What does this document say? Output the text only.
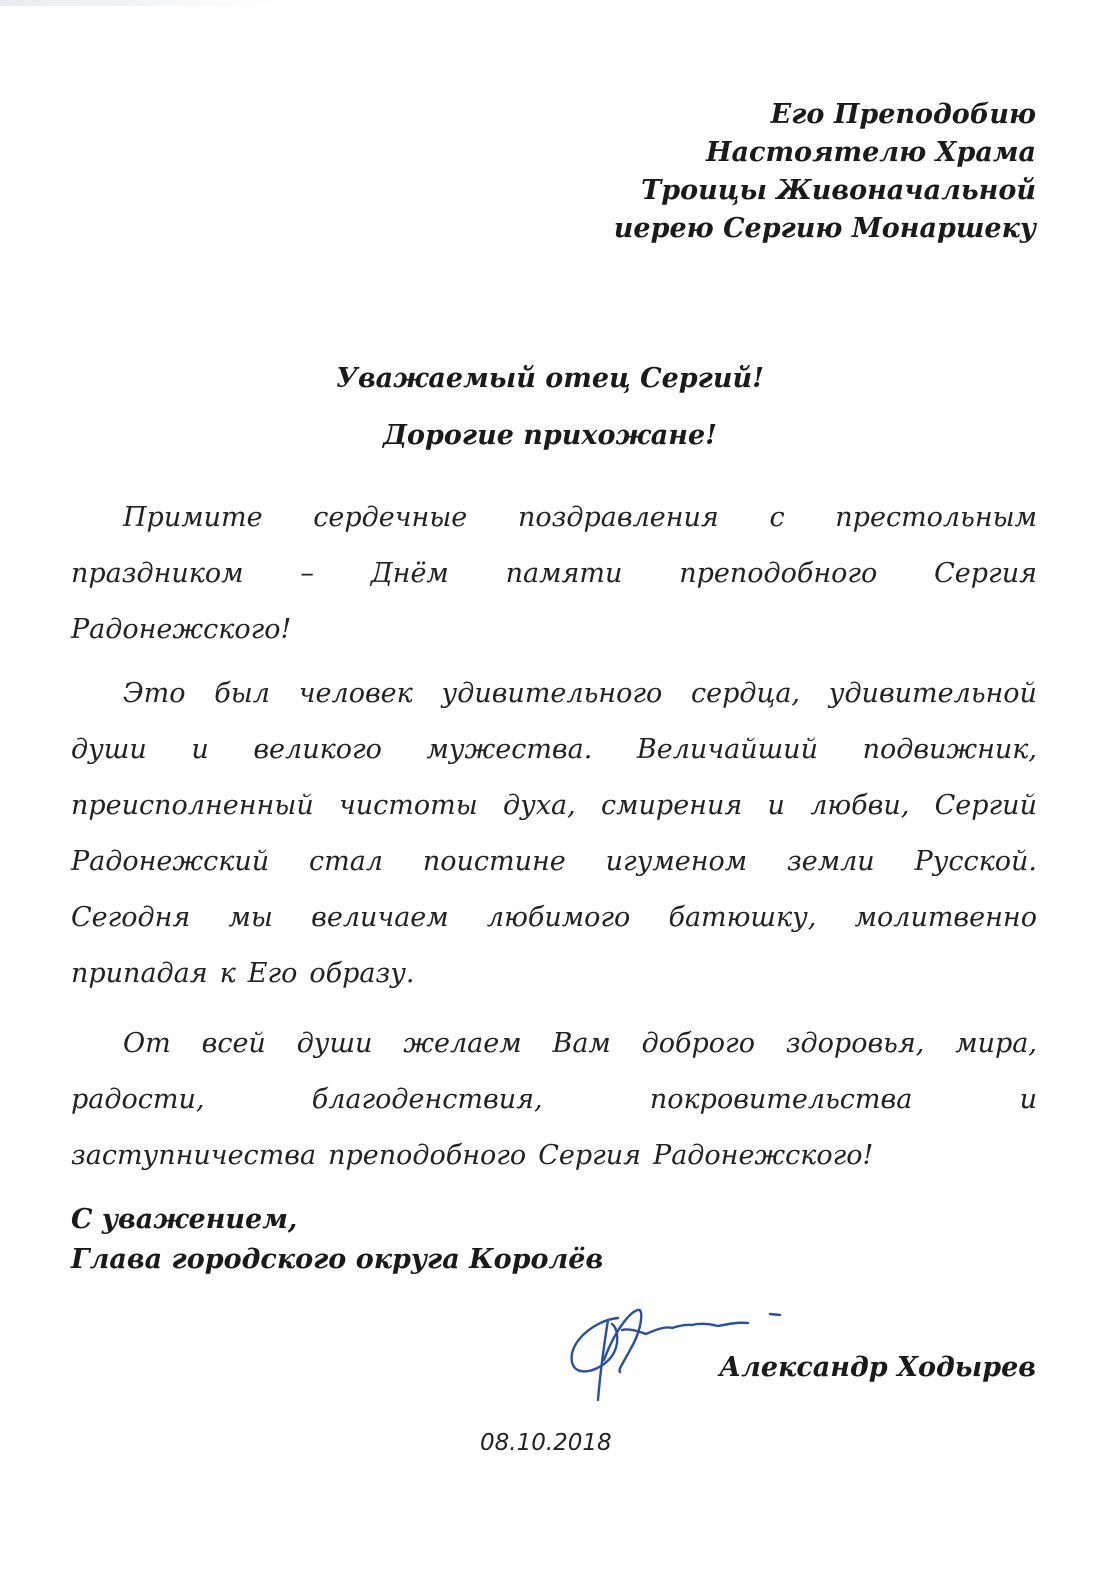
Его Преподобию
Настоятелю Храма
Троицы Живоначальной
иерею Сергию Монаршеку
Уважаемый отец Сергий!
Дорогие прихожане!
Примите сердечные поздравления с престольным
праздником – Днём памяти преподобного Сергия
Радонежского!
Это был человек удивительного сердца, удивительной
души и великого мужества. Величайший подвижник,
преисполненный чистоты духа, смирения и любви, Сергий
Радонежский стал поистине игуменом земли Русской.
Сегодня мы величаем любимого батюшку, молитвенно
припадая к Его образу.
От всей души желаем Вам доброго здоровья, мира,
радости,	благоденствия,	покровительства	и
заступничества преподобного Сергия Радонежского!
С уважением,
Глава городского округа Королёв
Александр Ходырев
08.10.2018
